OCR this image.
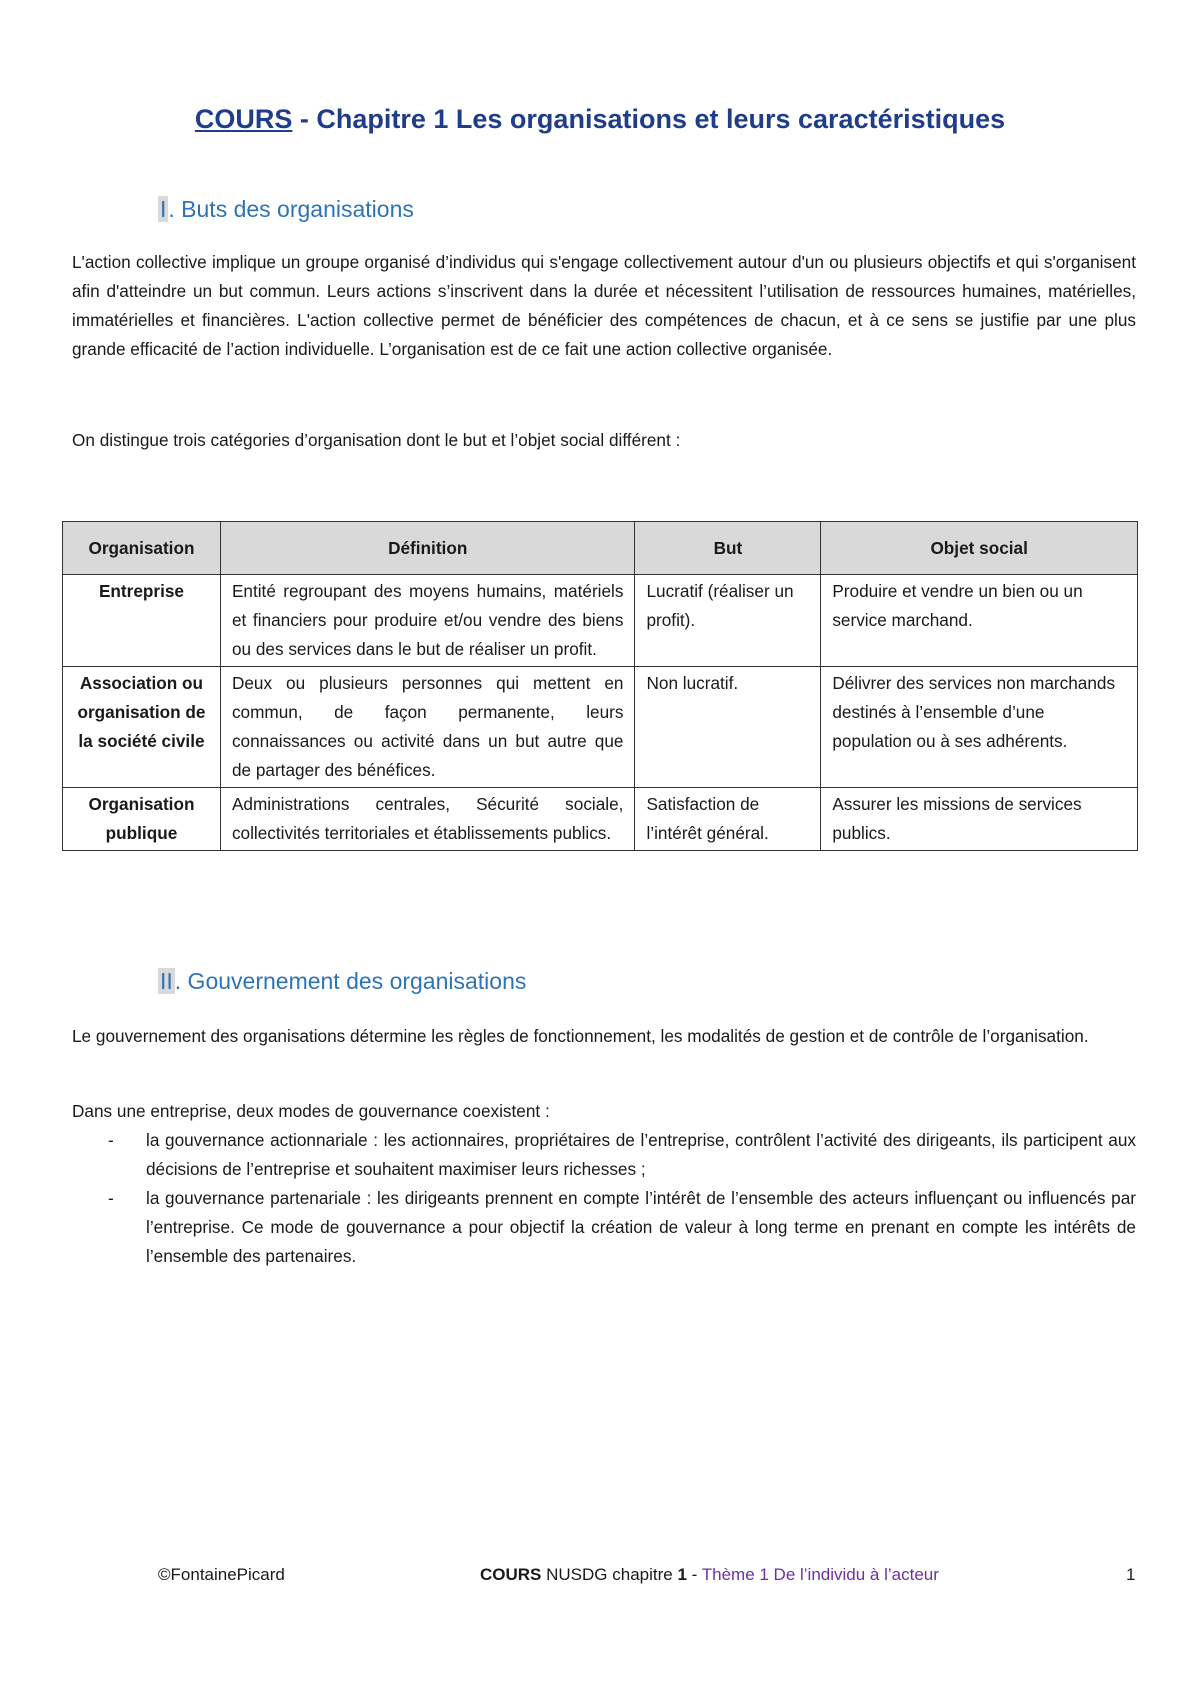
COURS - Chapitre 1 Les organisations et leurs caractéristiques
I. Buts des organisations
L'action collective implique un groupe organisé d’individus qui s'engage collectivement autour d'un ou plusieurs objectifs et qui s'organisent afin d'atteindre un but commun. Leurs actions s’inscrivent dans la durée et nécessitent l’utilisation de ressources humaines, matérielles, immatérielles et financières. L'action collective permet de bénéficier des compétences de chacun, et à ce sens se justifie par une plus grande efficacité de l’action individuelle. L’organisation est de ce fait une action collective organisée.
On distingue trois catégories d’organisation dont le but et l’objet social différent :
Organisation	Définition	But	Objet social
Entreprise	Entité regroupant des moyens humains, matériels et financiers pour produire et/ou vendre des biens ou des services dans le but de réaliser un profit.	Lucratif (réaliser un profit).	Produire et vendre un bien ou un service marchand.
Association ou organisation de la société civile	Deux ou plusieurs personnes qui mettent en commun, de façon permanente, leurs connaissances ou activité dans un but autre que de partager des bénéfices.	Non lucratif.	Délivrer des services non marchands destinés à l’ensemble d’une population ou à ses adhérents.
Organisation publique	Administrations centrales, Sécurité sociale, collectivités territoriales et établissements publics.	Satisfaction de l’intérêt général.	Assurer les missions de services publics.
II. Gouvernement des organisations
Le gouvernement des organisations détermine les règles de fonctionnement, les modalités de gestion et de contrôle de l’organisation.
Dans une entreprise, deux modes de gouvernance coexistent :
- la gouvernance actionnariale : les actionnaires, propriétaires de l’entreprise, contrôlent l’activité des dirigeants, ils participent aux décisions de l’entreprise et souhaitent maximiser leurs richesses ;
- la gouvernance partenariale : les dirigeants prennent en compte l’intérêt de l’ensemble des acteurs influençant ou influencés par l’entreprise. Ce mode de gouvernance a pour objectif la création de valeur à long terme en prenant en compte les intérêts de l’ensemble des partenaires.
©FontainePicard	COURS NUSDG chapitre 1 - Thème 1 De l’individu à l’acteur	1
